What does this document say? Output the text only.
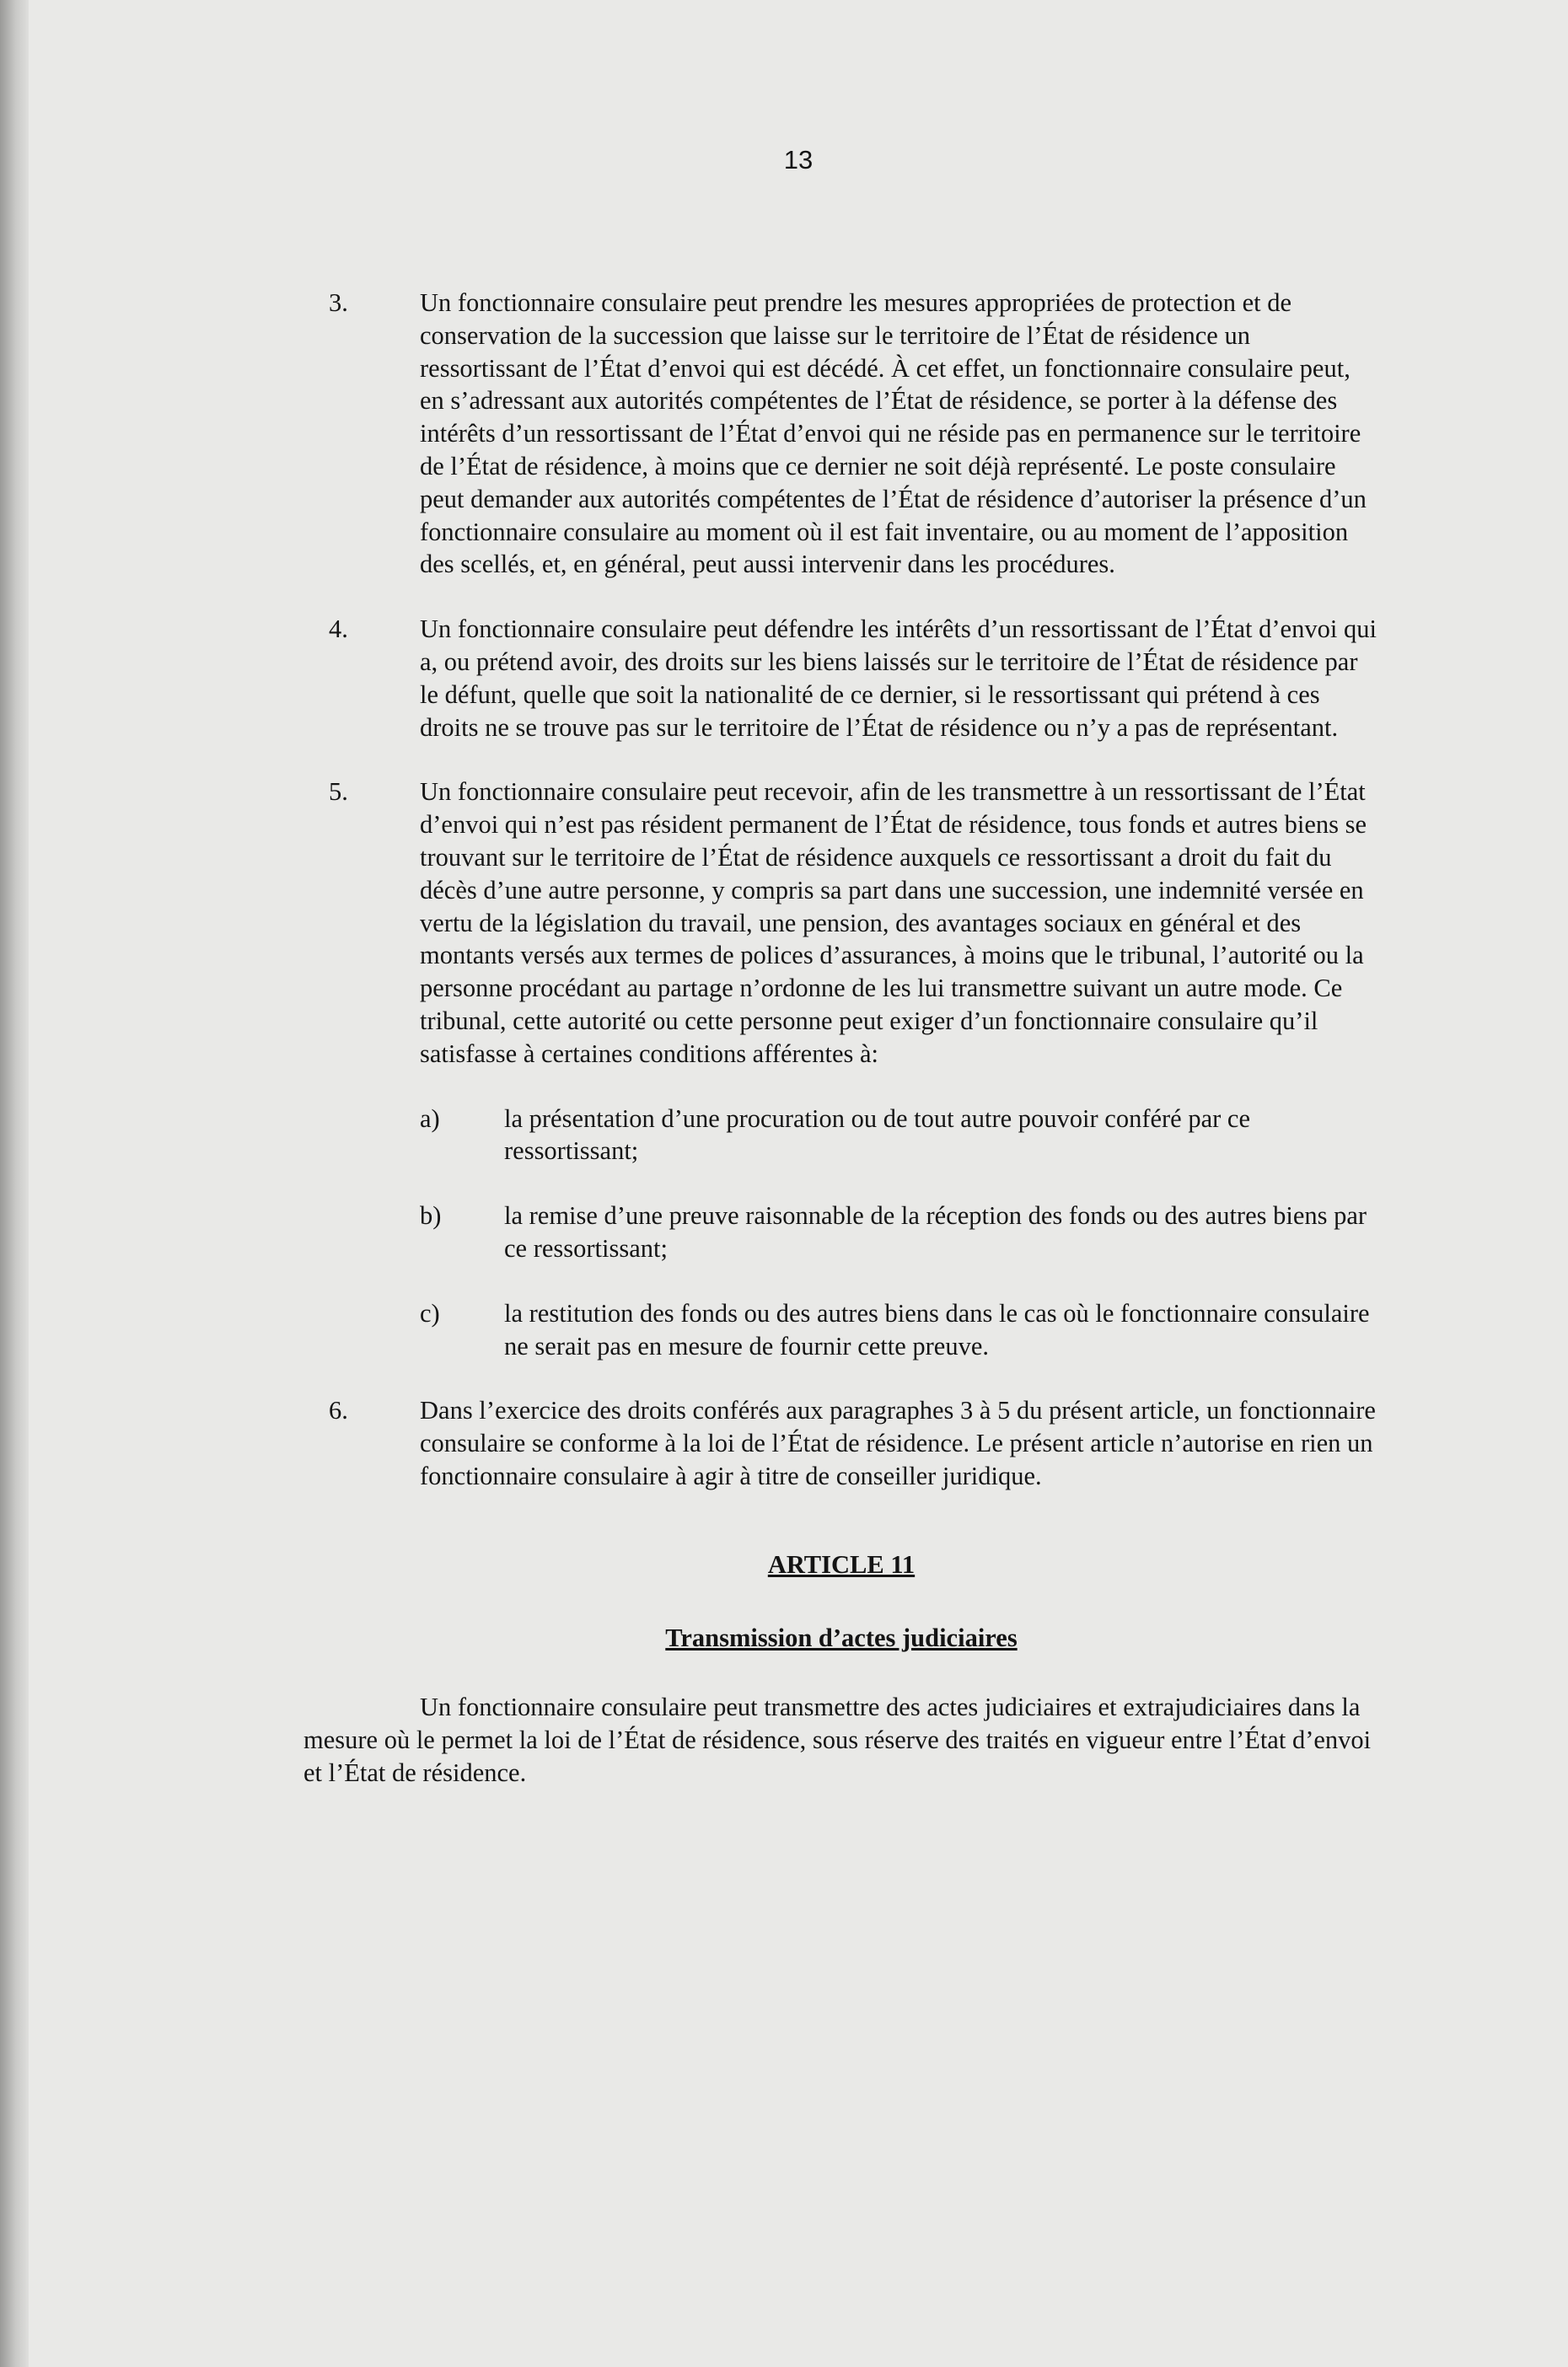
13
3.	Un fonctionnaire consulaire peut prendre les mesures appropriées de protection et de conservation de la succession que laisse sur le territoire de l’État de résidence un ressortissant de l’État d’envoi qui est décédé. À cet effet, un fonctionnaire consulaire peut, en s’adressant aux autorités compétentes de l’État de résidence, se porter à la défense des intérêts d’un ressortissant de l’État d’envoi qui ne réside pas en permanence sur le territoire de l’État de résidence, à moins que ce dernier ne soit déjà représenté. Le poste consulaire peut demander aux autorités compétentes de l’État de résidence d’autoriser la présence d’un fonctionnaire consulaire au moment où il est fait inventaire, ou au moment de l’apposition des scellés, et, en général, peut aussi intervenir dans les procédures.
4.	Un fonctionnaire consulaire peut défendre les intérêts d’un ressortissant de l’État d’envoi qui a, ou prétend avoir, des droits sur les biens laissés sur le territoire de l’État de résidence par le défunt, quelle que soit la nationalité de ce dernier, si le ressortissant qui prétend à ces droits ne se trouve pas sur le territoire de l’État de résidence ou n’y a pas de représentant.
5.	Un fonctionnaire consulaire peut recevoir, afin de les transmettre à un ressortissant de l’État d’envoi qui n’est pas résident permanent de l’État de résidence, tous fonds et autres biens se trouvant sur le territoire de l’État de résidence auxquels ce ressortissant a droit du fait du décès d’une autre personne, y compris sa part dans une succession, une indemnité versée en vertu de la législation du travail, une pension, des avantages sociaux en général et des montants versés aux termes de polices d’assurances, à moins que le tribunal, l’autorité ou la personne procédant au partage n’ordonne de les lui transmettre suivant un autre mode. Ce tribunal, cette autorité ou cette personne peut exiger d’un fonctionnaire consulaire qu’il satisfasse à certaines conditions afférentes à:
a)	la présentation d’une procuration ou de tout autre pouvoir conféré par ce ressortissant;
b) la remise d’une preuve raisonnable de la réception des fonds ou des autres biens par ce ressortissant;
c)	la restitution des fonds ou des autres biens dans le cas où le fonctionnaire consulaire ne serait pas en mesure de fournir cette preuve.
6.	Dans l’exercice des droits conférés aux paragraphes 3 à 5 du présent article, un fonctionnaire consulaire se conforme à la loi de l’État de résidence. Le présent article n’autorise en rien un fonctionnaire consulaire à agir à titre de conseiller juridique.
ARTICLE 11
Transmission d’actes judiciaires
Un fonctionnaire consulaire peut transmettre des actes judiciaires et extrajudiciaires dans la mesure où le permet la loi de l’État de résidence, sous réserve des traités en vigueur entre l’État d’envoi et l’État de résidence.
